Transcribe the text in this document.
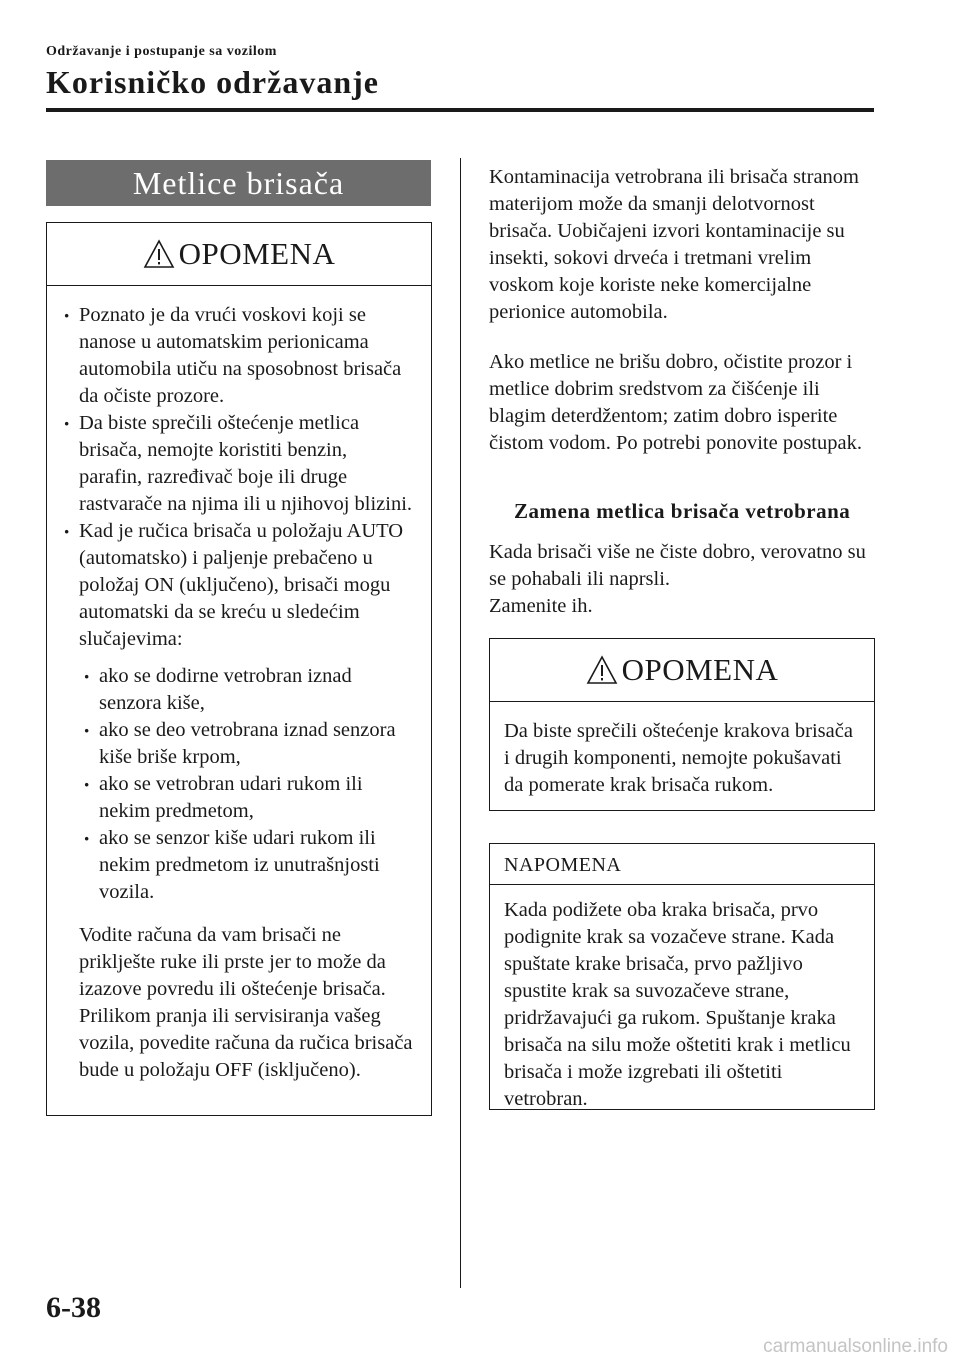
Održavanje i postupanje sa vozilom
Korisničko održavanje
Metlice brisača
OPOMENA
· Poznato je da vrući voskovi koji se nanose u automatskim perionicama automobila utiču na sposobnost brisača da očiste prozore.
· Da biste sprečili oštećenje metlica brisača, nemojte koristiti benzin, parafin, razređivač boje ili druge rastvarače na njima ili u njihovoj blizini.
· Kad je ručica brisača u položaju AUTO (automatsko) i paljenje prebačeno u položaj ON (uključeno), brisači mogu automatski da se kreću u sledećim slučajevima:
· ako se dodirne vetrobran iznad senzora kiše,
· ako se deo vetrobrana iznad senzora kiše briše krpom,
· ako se vetrobran udari rukom ili nekim predmetom,
· ako se senzor kiše udari rukom ili nekim predmetom iz unutrašnjosti vozila.
Vodite računa da vam brisači ne priklješte ruke ili prste jer to može da izazove povredu ili oštećenje brisača. Prilikom pranja ili servisiranja vašeg vozila, povedite računa da ručica brisača bude u položaju OFF (isključeno).
Kontaminacija vetrobrana ili brisača stranom materijom može da smanji delotvornost brisača. Uobičajeni izvori kontaminacije su insekti, sokovi drveća i tretmani vrelim voskom koje koriste neke komercijalne perionice automobila.
Ako metlice ne brišu dobro, očistite prozor i metlice dobrim sredstvom za čišćenje ili blagim deterdžentom; zatim dobro isperite čistom vodom. Po potrebi ponovite postupak.
Zamena metlica brisača vetrobrana
Kada brisači više ne čiste dobro, verovatno su se pohabali ili naprsli.
Zamenite ih.
OPOMENA
Da biste sprečili oštećenje krakova brisača i drugih komponenti, nemojte pokušavati da pomerate krak brisača rukom.
NAPOMENA
Kada podižete oba kraka brisača, prvo podignite krak sa vozačeve strane. Kada spuštate krake brisača, prvo pažljivo spustite krak sa suvozačeve strane, pridržavajući ga rukom. Spuštanje kraka brisača na silu može oštetiti krak i metlicu brisača i može izgrebati ili oštetiti vetrobran.
6-38
carmanualsonline.info
